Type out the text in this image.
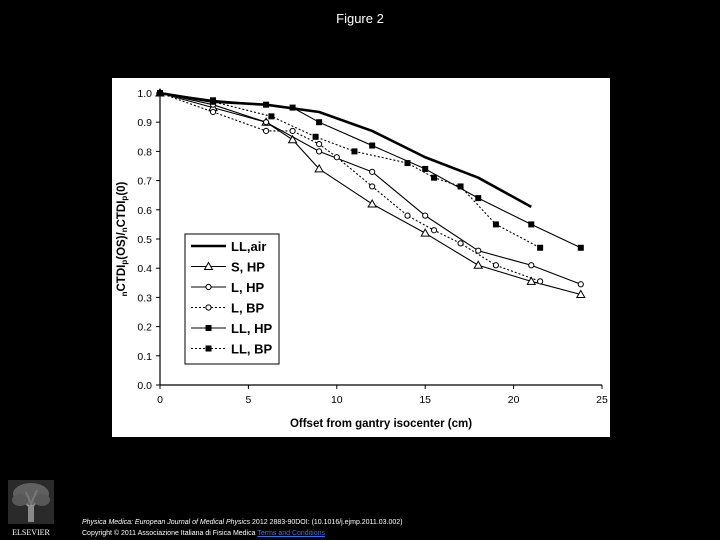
Figure 2
0.0
0.1
0.2
0.3
0.4
0.5
0.6
0.7
0.8
0.9
1.0
0	5	10	15	20	25
Offset from gantry isocenter (cm)
nCTDIp(OS)/nCTDIp(0)
LL,air
S, HP
L, HP
L, BP
LL, HP
LL, BP
ELSEVIER
Physica Medica: European Journal of Medical Physics 2012 2883-90DOI: (10.1016/j.ejmp.2011.03.002)
Copyright © 2011 Associazione Italiana di Fisica Medica Terms and Conditions
